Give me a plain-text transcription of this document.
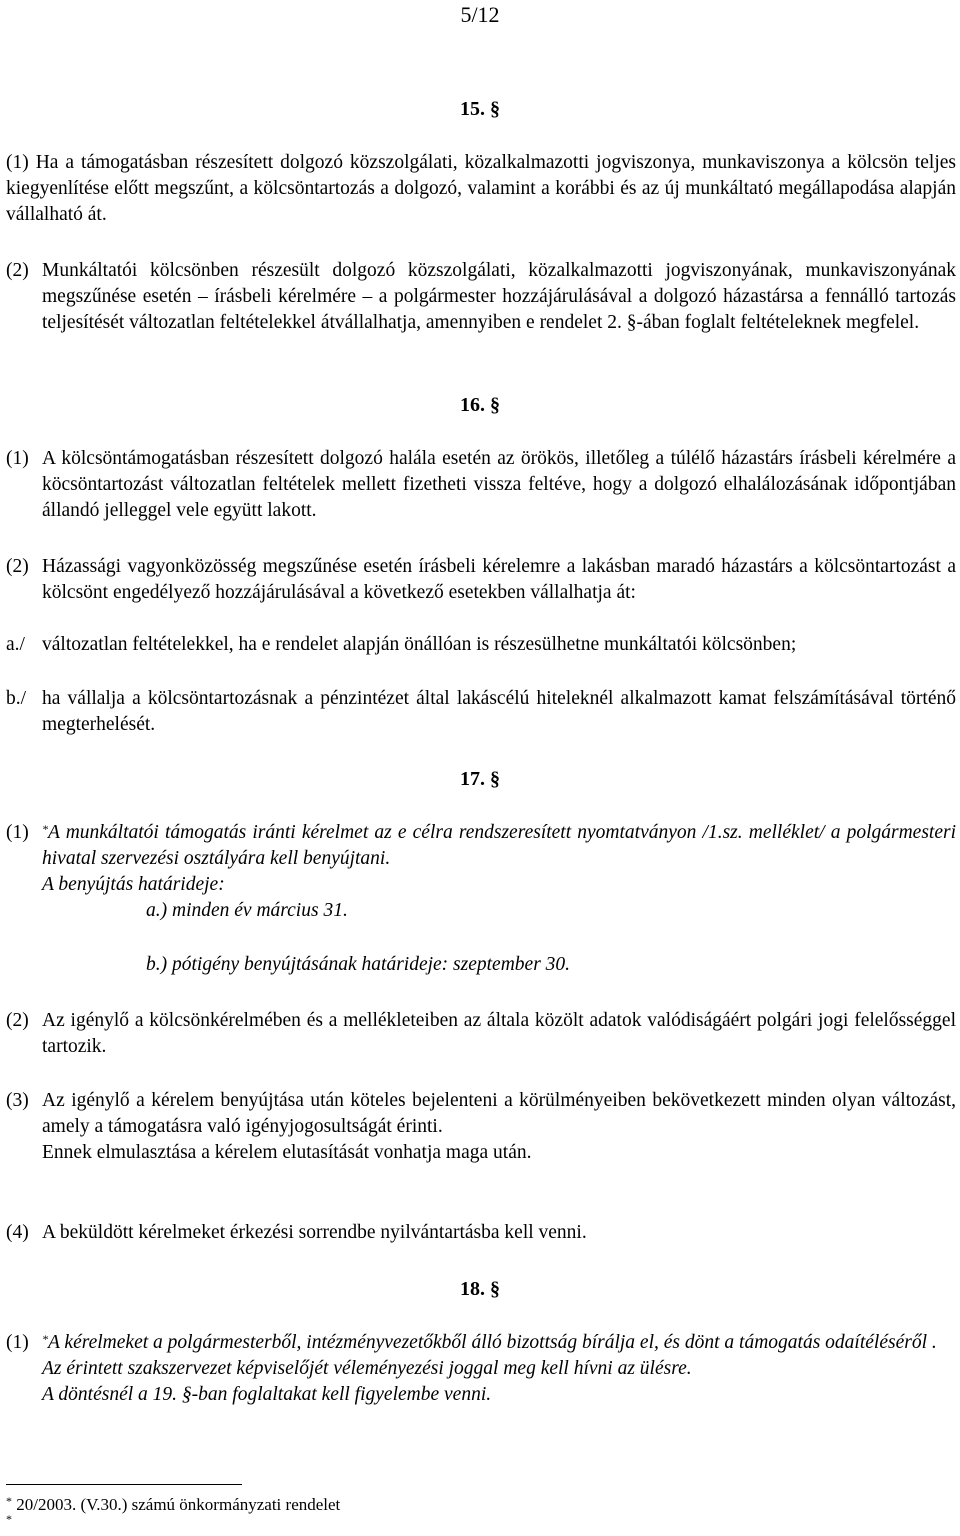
5/12
15. §
(1) Ha a támogatásban részesített dolgozó közszolgálati, közalkalmazotti jogviszonya, munkaviszonya a kölcsön teljes kiegyenlítése előtt megszűnt, a kölcsöntartozás a dolgozó, valamint a korábbi és az új munkáltató megállapodása alapján vállalható át.
(2) Munkáltatói kölcsönben részesült dolgozó közszolgálati, közalkalmazotti jogviszonyának, munkaviszonyának megszűnése esetén – írásbeli kérelmére – a polgármester hozzájárulásával a dolgozó házastársa a fennálló tartozás teljesítését változatlan feltételekkel átvállalhatja, amennyiben e rendelet 2. §-ában foglalt feltételeknek megfelel.
16. §
(1) A kölcsöntámogatásban részesített dolgozó halála esetén az örökös, illetőleg a túlélő házastárs írásbeli kérelmére a köcsöntartozást változatlan feltételek mellett fizetheti vissza feltéve, hogy a dolgozó elhalálozásának időpontjában állandó jelleggel vele együtt lakott.
(2) Házassági vagyonközösség megszűnése esetén írásbeli kérelemre a lakásban maradó házastárs a kölcsöntartozást a kölcsönt engedélyező hozzájárulásával a következő esetekben vállalhatja át:
a./ változatlan feltételekkel, ha e rendelet alapján önállóan is részesülhetne munkáltatói kölcsönben;
b./ ha vállalja a kölcsöntartozásnak a pénzintézet által lakáscélú hiteleknél alkalmazott kamat felszámításával történő megterhelését.
17. §
(1)	*A munkáltatói támogatás iránti kérelmet az e célra rendszeresített nyomtatványon /1.sz. melléklet/ a polgármesteri hivatal szervezési osztályára kell benyújtani.
A benyújtás határideje:
a.) minden év március 31.
b.) pótigény benyújtásának határideje: szeptember 30.
(2) Az igénylő a kölcsönkérelmében és a mellékleteiben az általa közölt adatok valódiságáért polgári jogi felelősséggel tartozik.
(3) Az igénylő a kérelem benyújtása után köteles bejelenteni a körülményeiben bekövetkezett minden olyan változást, amely a támogatásra való igényjogosultságát érinti.
Ennek elmulasztása a kérelem elutasítását vonhatja maga után.
(4) A beküldött kérelmeket érkezési sorrendbe nyilvántartásba kell venni.
18. §
(1)	*A kérelmeket a polgármesterből, intézményvezetőkből álló bizottság bírálja el, és dönt a támogatás odaítéléséről .
Az érintett szakszervezet képviselőjét véleményezési joggal meg kell hívni az ülésre.
A döntésnél a 19. §-ban foglaltakat kell figyelembe venni.
* 20/2003. (V.30.) számú önkormányzati rendelet
*
